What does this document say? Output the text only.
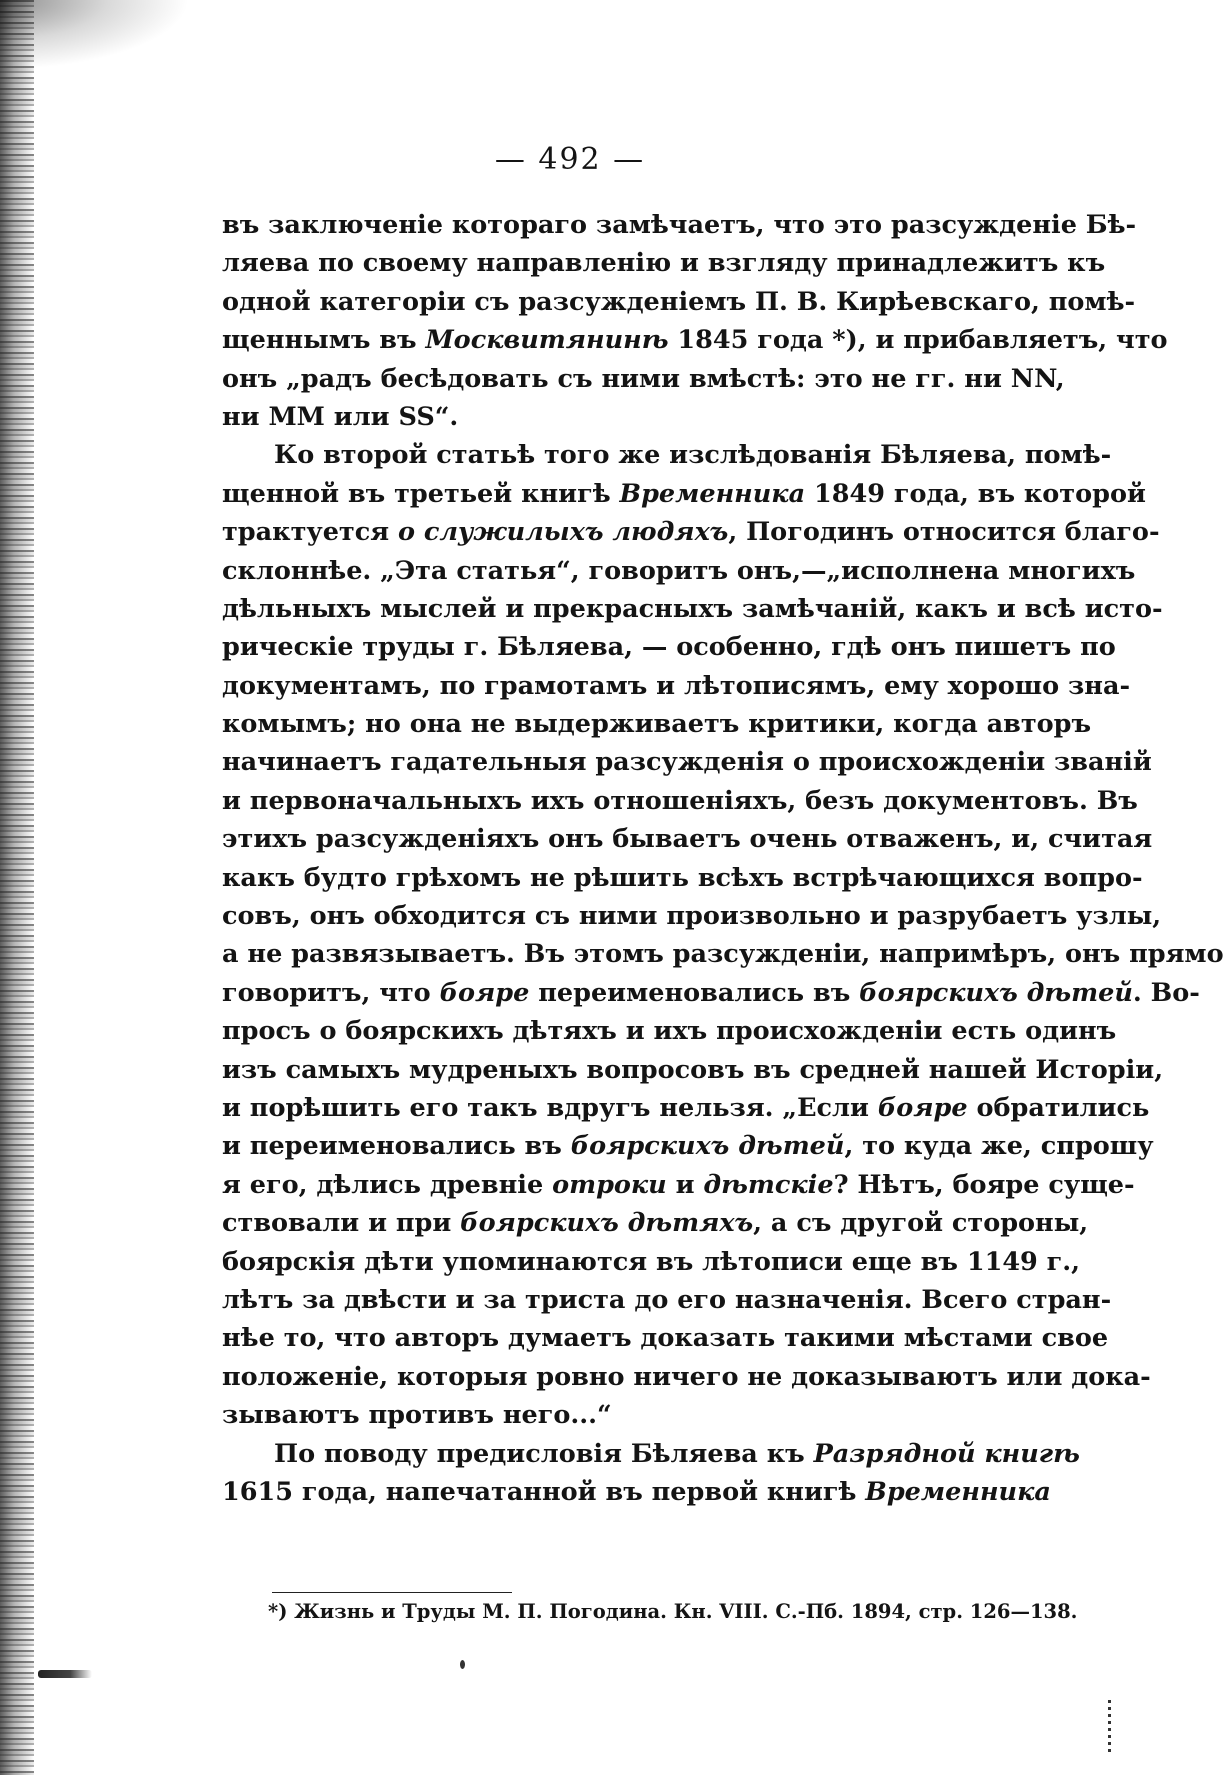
— 492 —
въ заключеніе котораго замѣчаетъ, что это разсужденіе Бѣ-
ляева по своему направленію и взгляду принадлежитъ къ
одной категоріи съ разсужденіемъ П. В. Кирѣевскаго, помѣ-
щеннымъ въ Москвитянинѣ 1845 года *), и прибавляетъ, что
онъ „радъ бесѣдовать съ ними вмѣстѣ: это не гг. ни NN,
ни ММ или SS“.
Ко второй статьѣ того же изслѣдованія Бѣляева, помѣ-
щенной въ третьей книгѣ Временника 1849 года, въ которой
трактуется о служилыхъ людяхъ, Погодинъ относится благо-
склоннѣе. „Эта статья“, говоритъ онъ,—„исполнена многихъ
дѣльныхъ мыслей и прекрасныхъ замѣчаній, какъ и всѣ исто-
рическіе труды г. Бѣляева, — особенно, гдѣ онъ пишетъ по
документамъ, по грамотамъ и лѣтописямъ, ему хорошо зна-
комымъ; но она не выдерживаетъ критики, когда авторъ
начинаетъ гадательныя разсужденія о происхожденіи званій
и первоначальныхъ ихъ отношеніяхъ, безъ документовъ. Въ
этихъ разсужденіяхъ онъ бываетъ очень отваженъ, и, считая
какъ будто грѣхомъ не рѣшить всѣхъ встрѣчающихся вопро-
совъ, онъ обходится съ ними произвольно и разрубаетъ узлы,
а не развязываетъ. Въ этомъ разсужденіи, напримѣръ, онъ прямо
говоритъ, что бояре переименовались въ боярскихъ дѣтей. Во-
просъ о боярскихъ дѣтяхъ и ихъ происхожденіи есть одинъ
изъ самыхъ мудреныхъ вопросовъ въ средней нашей Исторіи,
и порѣшить его такъ вдругъ нельзя. „Если бояре обратились
и переименовались въ боярскихъ дѣтей, то куда же, спрошу
я его, дѣлись древніе отроки и дѣтскіе? Нѣтъ, бояре суще-
ствовали и при боярскихъ дѣтяхъ, а съ другой стороны,
боярскія дѣти упоминаются въ лѣтописи еще въ 1149 г.,
лѣтъ за двѣсти и за триста до его назначенія. Всего стран-
нѣе то, что авторъ думаетъ доказать такими мѣстами свое
положеніе, которыя ровно ничего не доказываютъ или дока-
зываютъ противъ него...“
По поводу предисловія Бѣляева къ Разрядной книгѣ
1615 года, напечатанной въ первой книгѣ Временника
*) Жизнь и Труды М. П. Погодина. Кн. VIII. С.-Пб. 1894, стр. 126—138.
